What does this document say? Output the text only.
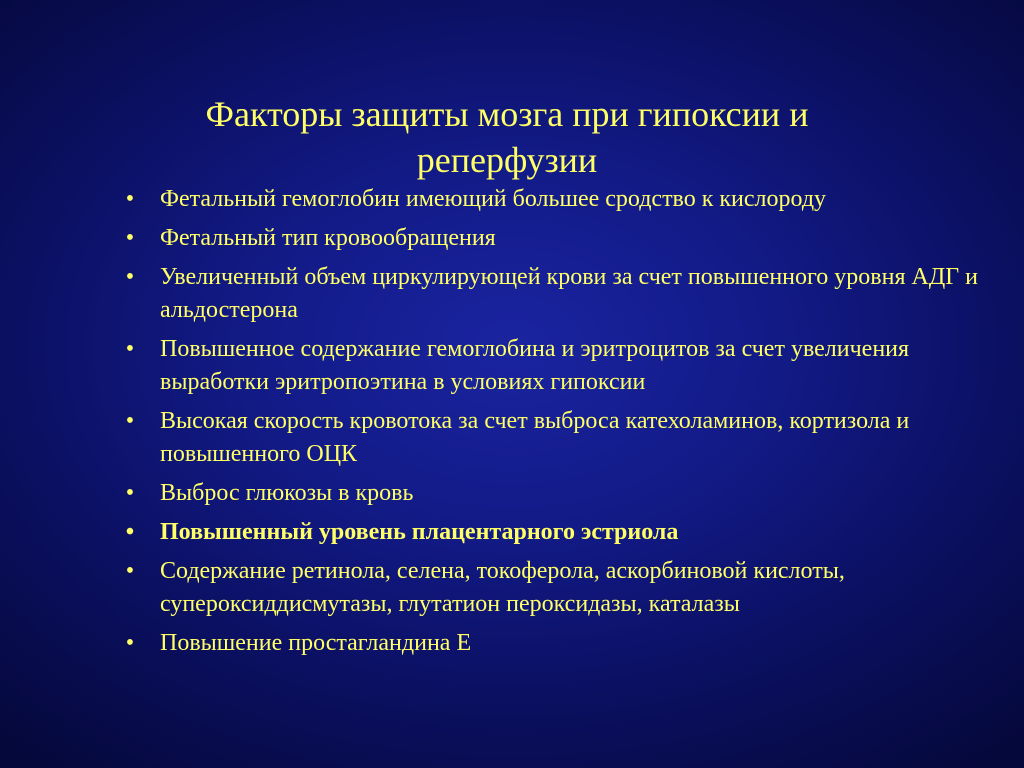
Факторы защиты мозга при гипоксии и реперфузии
• Фетальный гемоглобин имеющий большее сродство к кислороду
• Фетальный тип кровообращения
• Увеличенный объем циркулирующей крови за счет повышенного уровня АДГ и альдостерона
• Повышенное содержание гемоглобина и эритроцитов за счет увеличения выработки эритропоэтина в условиях гипоксии
• Высокая скорость кровотока за счет выброса катехоламинов, кортизола и повышенного ОЦК
• Выброс глюкозы в кровь
• Повышенный уровень плацентарного эстриола
• Содержание ретинола, селена, токоферола, аскорбиновой кислоты, супероксиддисмутазы, глутатион пероксидазы, каталазы
• Повышение простагландина Е
